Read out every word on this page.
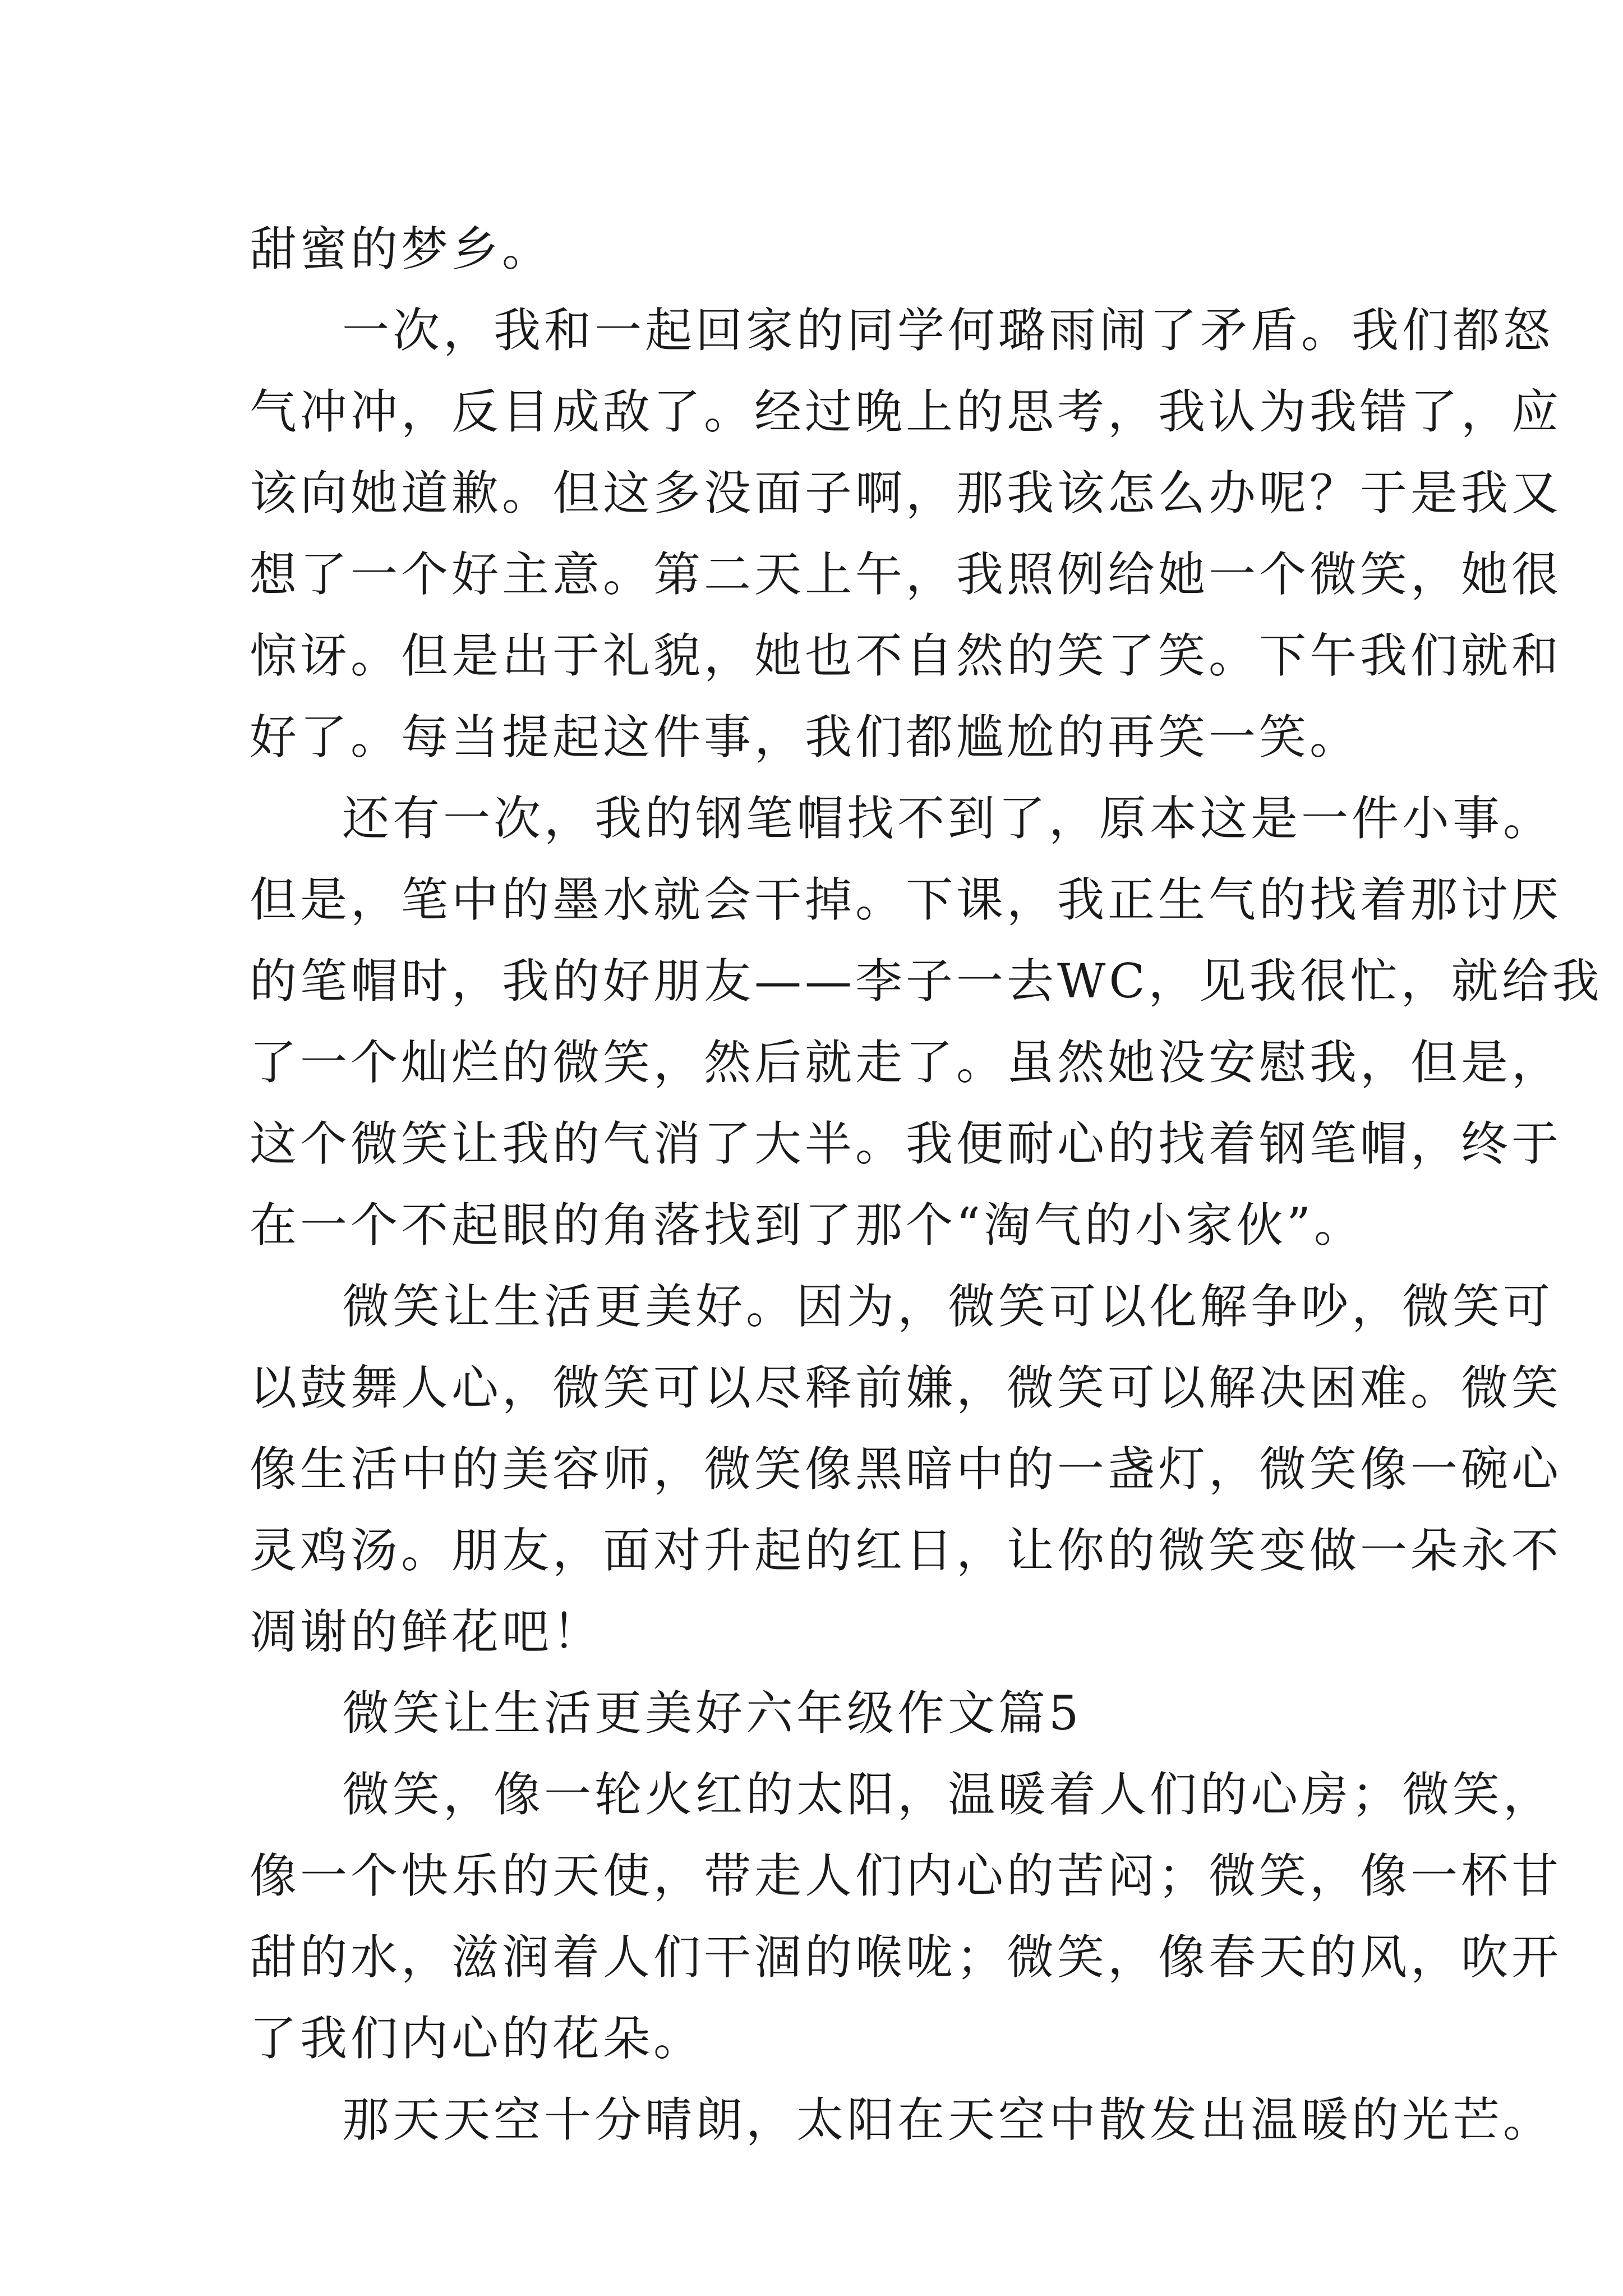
甜蜜的梦乡。
一次，我和一起回家的同学何璐雨闹了矛盾。我们都怒
气冲冲，反目成敌了。经过晚上的思考，我认为我错了，应
该向她道歉。但这多没面子啊，那我该怎么办呢？于是我又
想了一个好主意。第二天上午，我照例给她一个微笑，她很
惊讶。但是出于礼貌，她也不自然的笑了笑。下午我们就和
好了。每当提起这件事，我们都尴尬的再笑一笑。
还有一次，我的钢笔帽找不到了，原本这是一件小事。
但是，笔中的墨水就会干掉。下课，我正生气的找着那讨厌
的笔帽时，我的好朋友——李子一去WC，见我很忙，就给我
了一个灿烂的微笑，然后就走了。虽然她没安慰我，但是，
这个微笑让我的气消了大半。我便耐心的找着钢笔帽，终于
在一个不起眼的角落找到了那个“淘气的小家伙”。
微笑让生活更美好。因为，微笑可以化解争吵，微笑可
以鼓舞人心，微笑可以尽释前嫌，微笑可以解决困难。微笑
像生活中的美容师，微笑像黑暗中的一盏灯，微笑像一碗心
灵鸡汤。朋友，面对升起的红日，让你的微笑变做一朵永不
凋谢的鲜花吧！
微笑让生活更美好六年级作文篇5
微笑，像一轮火红的太阳，温暖着人们的心房；微笑，
像一个快乐的天使，带走人们内心的苦闷；微笑，像一杯甘
甜的水，滋润着人们干涸的喉咙；微笑，像春天的风，吹开
了我们内心的花朵。
那天天空十分晴朗，太阳在天空中散发出温暖的光芒。
